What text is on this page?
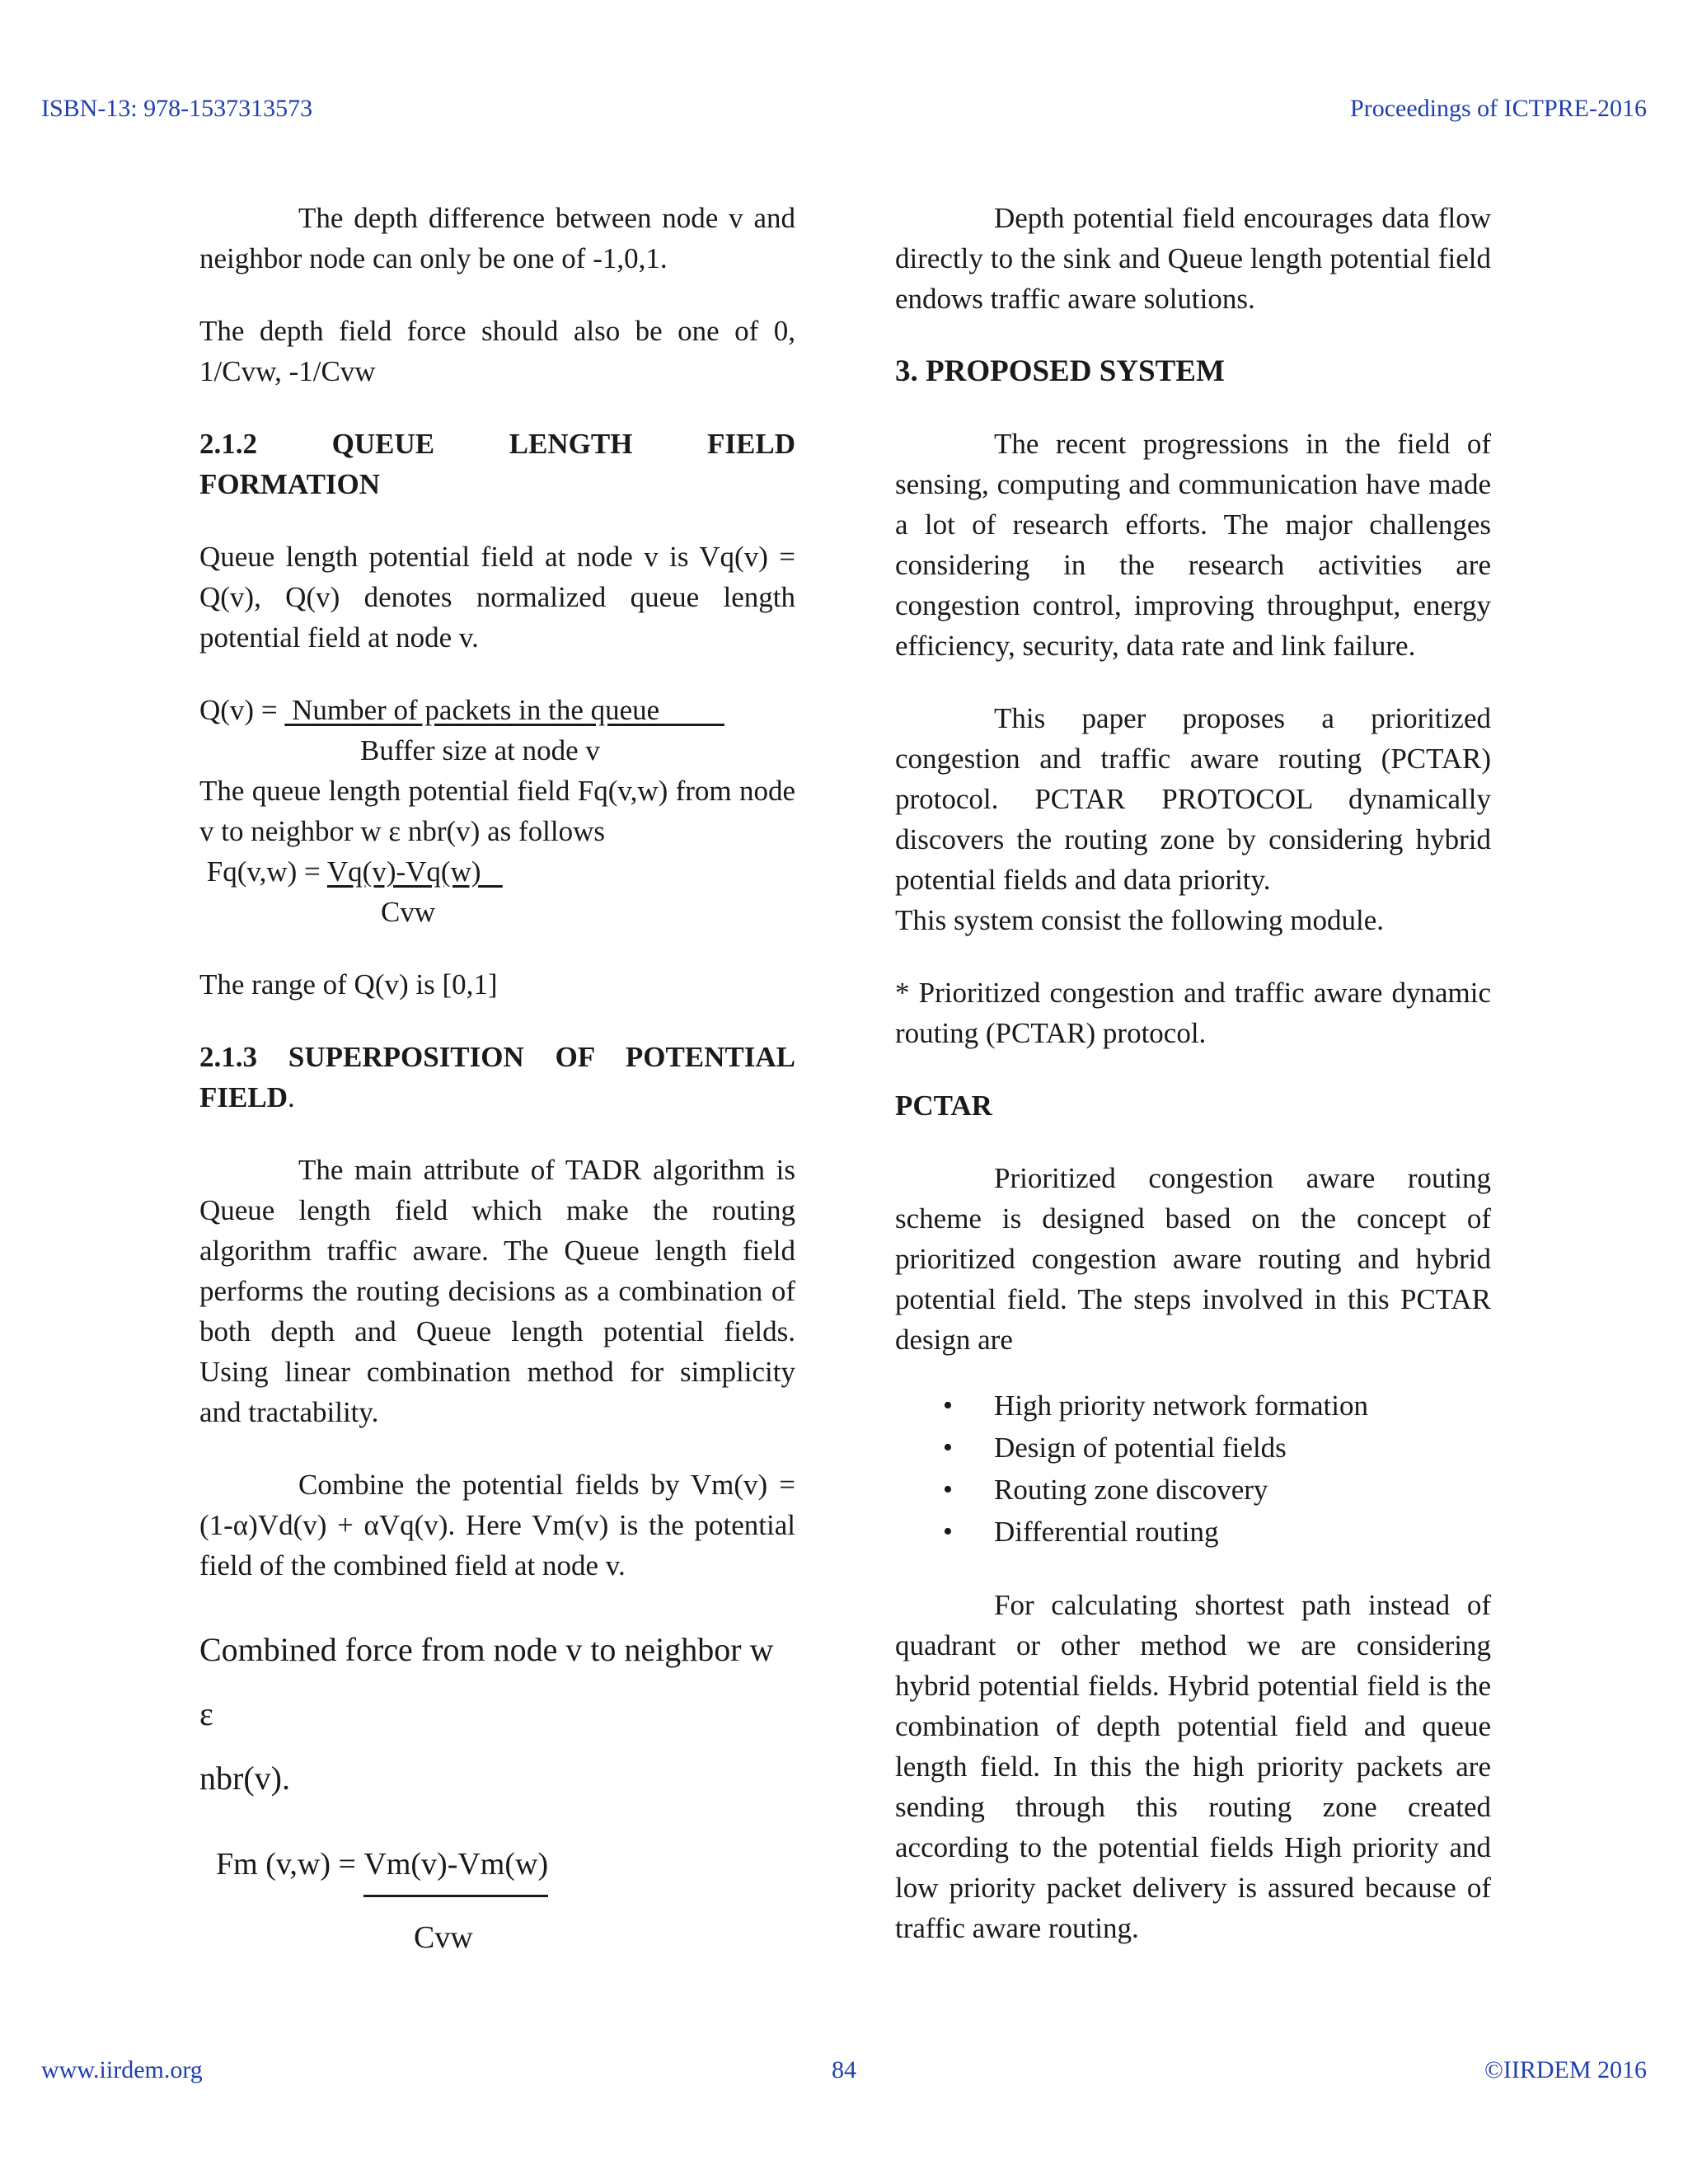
ISBN-13: 978-1537313573	Proceedings of ICTPRE-2016

The depth difference between node v and neighbor node can only be one of -1,0,1.

The depth field force should also be one of 0, 1/Cvw, -1/Cvw

2.1.2 QUEUE LENGTH FIELD
FORMATION

Queue length potential field at node v is Vq(v) = Q(v), Q(v) denotes normalized queue length potential field at node v.

Q(v) =  Number of packets in the queue
Buffer size at node v

The queue length potential field Fq(v,w) from node v to neighbor w ε nbr(v) as follows

Fq(v,w) = Vq(v)-Vq(w)
Cvw

The range of Q(v) is [0,1]

2.1.3 SUPERPOSITION OF POTENTIAL
FIELD.

The main attribute of TADR algorithm is Queue length field which make the routing algorithm traffic aware. The Queue length field performs the routing decisions as a combination of both depth and Queue length potential fields. Using linear combination method for simplicity and tractability.

Combine the potential fields by Vm(v) = (1-α)Vd(v) + αVq(v). Here Vm(v) is the potential field of the combined field at node v.

Combined force from node v to neighbor w ε
nbr(v).
Fm (v,w) = Vm(v)-Vm(w)
Cvw

Depth potential field encourages data flow directly to the sink and Queue length potential field endows traffic aware solutions.

3. PROPOSED SYSTEM

The recent progressions in the field of sensing, computing and communication have made a lot of research efforts. The major challenges considering in the research activities are congestion control, improving throughput, energy efficiency, security, data rate and link failure.

This paper proposes a prioritized congestion and traffic aware routing (PCTAR) protocol. PCTAR PROTOCOL dynamically discovers the routing zone by considering hybrid potential fields and data priority.

This system consist the following module.

* Prioritized congestion and traffic aware dynamic routing (PCTAR) protocol.

PCTAR

Prioritized congestion aware routing scheme is designed based on the concept of prioritized congestion aware routing and hybrid potential field. The steps involved in this PCTAR design are

• High priority network formation
• Design of potential fields
• Routing zone discovery
• Differential routing

For calculating shortest path instead of quadrant or other method we are considering hybrid potential fields. Hybrid potential field is the combination of depth potential field and queue length field. In this the high priority packets are sending through this routing zone created according to the potential fields High priority and low priority packet delivery is assured because of traffic aware routing.

www.iirdem.org	84	©IIRDEM 2016
